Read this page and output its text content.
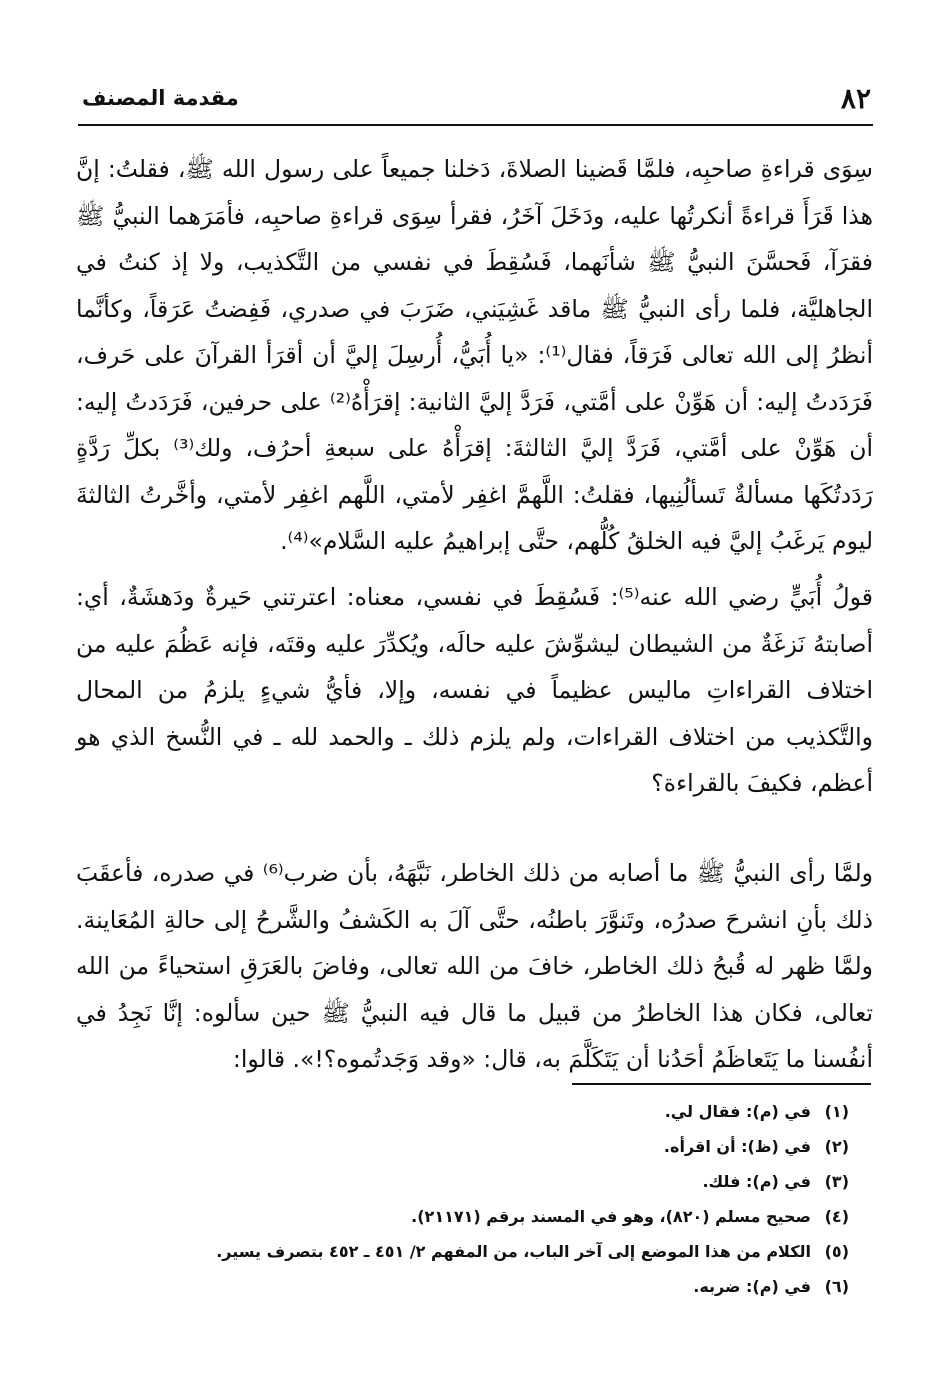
٨٢
مقدمة المصنف

سِوَى قراءةِ صاحبِه، فلمَّا قَضينا الصلاةَ، دَخلنا جميعاً على رسول الله ﷺ، فقلتُ: إنَّ هذا قَرَأَ قراءةً أنكرتُها عليه، ودَخَلَ آخَرُ، فقرأ سِوَى قراءةِ صاحبِه، فأمَرَهما النبيُّ ﷺ فقرَآ، فَحسَّنَ النبيُّ ﷺ شأنَهما، فَسُقِطَ في نفسي من التَّكذيب، ولا إذ كنتُ في الجاهليَّة، فلما رأى النبيُّ ﷺ ماقد غَشِيَني، ضَرَبَ في صدري، فَفِضتُ عَرَقاً، وكأنَّما أنظرُ إلى الله تعالى فَرَقاً، فقال⁽¹⁾: «يا أُبَيُّ، أُرسِلَ إليَّ أن أقرَأ القرآنَ على حَرف، فَرَدَدتُ إليه: أن هَوِّنْ على أمَّتي، فَرَدَّ إليَّ الثانية: إقرَأْهُ⁽²⁾ على حرفين، فَرَدَدتُ إليه: أن هَوِّنْ على أمَّتي، فَرَدَّ إليَّ الثالثةَ: إقرَأْهُ على سبعةِ أحرُف، ولك⁽³⁾ بكلِّ رَدَّةٍ رَدَدتُكَها مسألةٌ تَسألُنِيها، فقلتُ: اللَّهمَّ اغفِر لأمتي، اللَّهم اغفِر لأمتي، وأخَّرتُ الثالثةَ ليوم يَرغَبُ إليَّ فيه الخلقُ كُلُّهم، حتَّى إبراهيمُ عليه السَّلام»⁽⁴⁾.

قولُ أُبَيٍّ رضي الله عنه⁽⁵⁾: فَسُقِطَ في نفسي، معناه: اعترتني حَيرةٌ ودَهشَةٌ، أي: أصابتهُ نَزغَةٌ من الشيطان ليشوِّشَ عليه حالَه، ويُكدِّرَ عليه وقتَه، فإنه عَظُمَ عليه من اختلاف القراءاتِ ماليس عظيماً في نفسه، وإلا، فأيُّ شيءٍ يلزمُ من المحال والتَّكذيب من اختلاف القراءات، ولم يلزم ذلك ـ والحمد لله ـ في النُّسخ الذي هو أعظم، فكيفَ بالقراءة؟

ولمَّا رأى النبيُّ ﷺ ما أصابه من ذلك الخاطر، نَبَّهَهُ، بأن ضرب⁽⁶⁾ في صدره، فأعقَبَ ذلك بأنِ انشرحَ صدرُه، وتَنوَّرَ باطنُه، حتَّى آلَ به الكَشفُ والشَّرحُ إلى حالةِ المُعَاينة. ولمَّا ظهر له قُبحُ ذلك الخاطر، خافَ من الله تعالى، وفاضَ بالعَرَقِ استحياءً من الله تعالى، فكان هذا الخاطرُ من قبيل ما قال فيه النبيُّ ﷺ حين سألوه: إنَّا نَجِدُ في أنفُسنا ما يَتَعاظَمُ أحَدُنا أن يَتَكَلَّمَ به، قال: «وقد وَجَدتُموه؟!». قالوا:

(١)
في (م): فقال لي.
(٢)
في (ظ): أن اقرأه.
(٣)
في (م): فلك.
(٤)
صحيح مسلم (٨٢٠)، وهو في المسند برقم (٢١١٧١).
(٥)
الكلام من هذا الموضع إلى آخر الباب، من المفهم ٢/ ٤٥١ ـ ٤٥٢ بتصرف يسير.
(٦)
في (م): ضربه.
